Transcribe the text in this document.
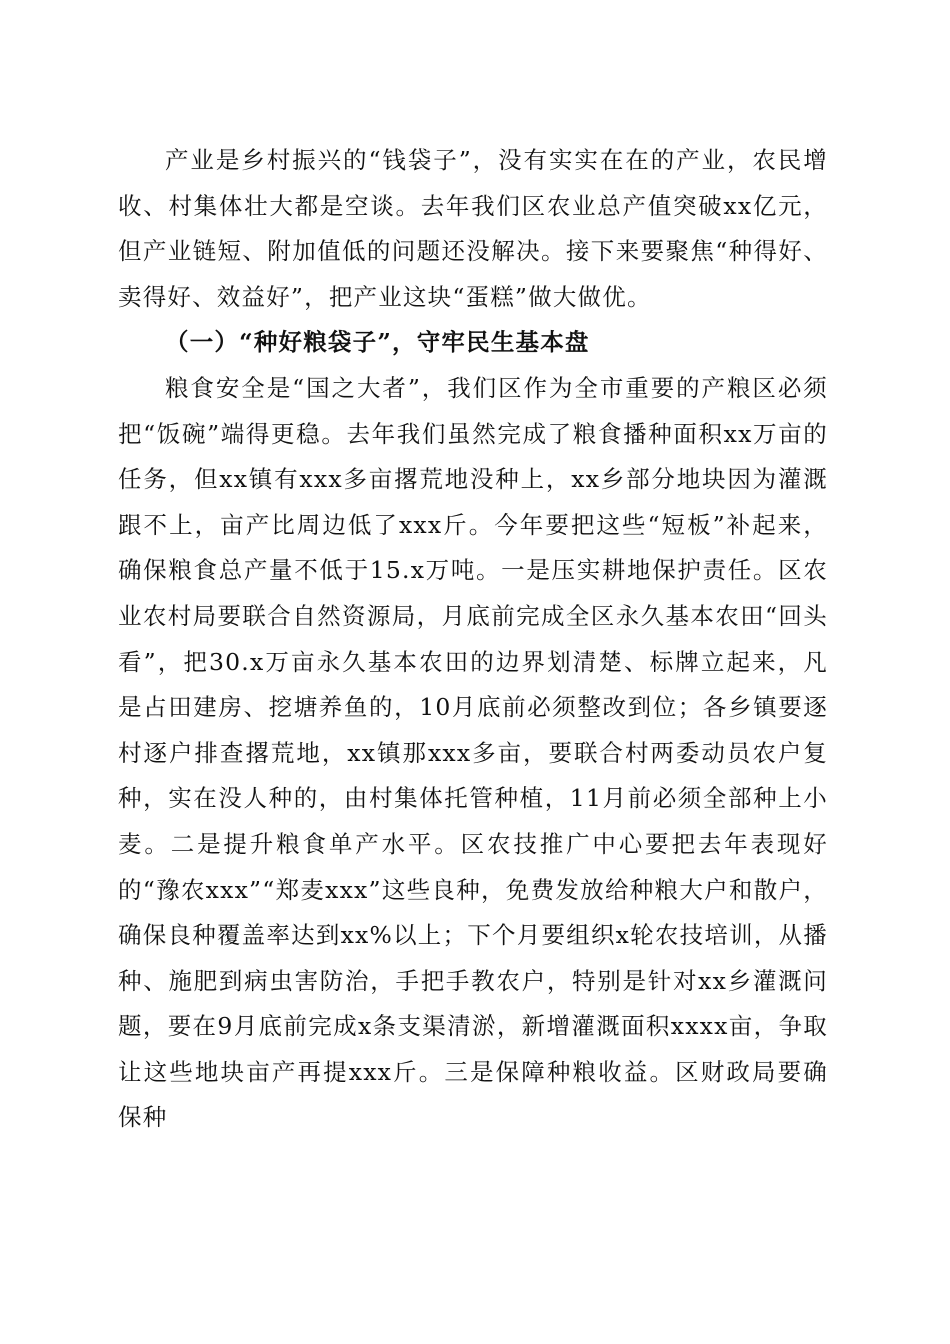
产业是乡村振兴的“钱袋子”，没有实实在在的产业，农民增收、村集体壮大都是空谈。去年我们区农业总产值突破xx亿元，但产业链短、附加值低的问题还没解决。接下来要聚焦“种得好、卖得好、效益好”，把产业这块“蛋糕”做大做优。

（一）“种好粮袋子”，守牢民生基本盘

粮食安全是“国之大者”，我们区作为全市重要的产粮区必须把“饭碗”端得更稳。去年我们虽然完成了粮食播种面积xx万亩的任务，但xx镇有xxx多亩撂荒地没种上，xx乡部分地块因为灌溉跟不上，亩产比周边低了xxx斤。今年要把这些“短板”补起来，确保粮食总产量不低于15.x万吨。一是压实耕地保护责任。区农业农村局要联合自然资源局，月底前完成全区永久基本农田“回头看”，把30.x万亩永久基本农田的边界划清楚、标牌立起来，凡是占田建房、挖塘养鱼的，10月底前必须整改到位；各乡镇要逐村逐户排查撂荒地，xx镇那xxx多亩，要联合村两委动员农户复种，实在没人种的，由村集体托管种植，11月前必须全部种上小麦。二是提升粮食单产水平。区农技推广中心要把去年表现好的“豫农xxx”“郑麦xxx”这些良种，免费发放给种粮大户和散户，确保良种覆盖率达到xx%以上；下个月要组织x轮农技培训，从播种、施肥到病虫害防治，手把手教农户，特别是针对xx乡灌溉问题，要在9月底前完成x条支渠清淤，新增灌溉面积xxxx亩，争取让这些地块亩产再提xxx斤。三是保障种粮收益。区财政局要确保种
